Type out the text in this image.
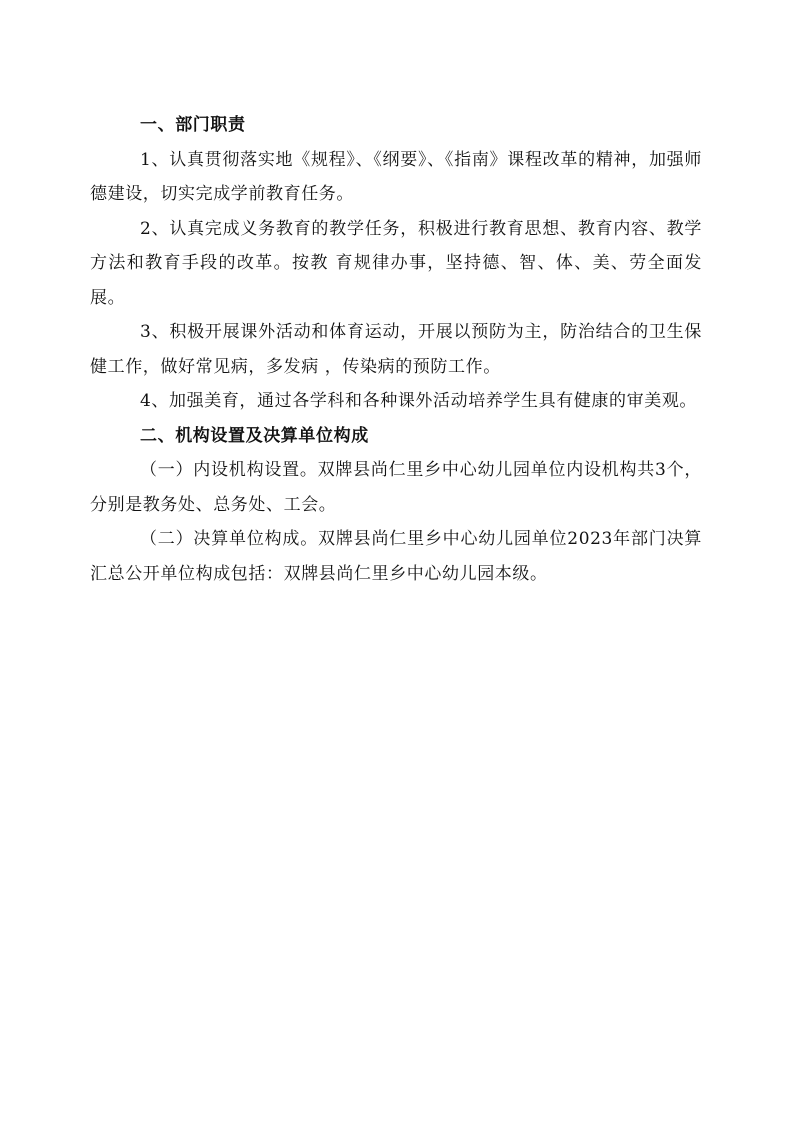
一、部门职责

1、认真贯彻落实地《规程》、《纲要》、《指南》课程改革的精神，加强师德建设，切实完成学前教育任务。

2、认真完成义务教育的教学任务，积极进行教育思想、教育内容、教学方法和教育手段的改革。按教 育规律办事，坚持德、智、体、美、劳全面发展。

3、积极开展课外活动和体育运动，开展以预防为主，防治结合的卫生保健工作，做好常见病，多发病 ，传染病的预防工作。

4、加强美育，通过各学科和各种课外活动培养学生具有健康的审美观。

二、机构设置及决算单位构成

（一）内设机构设置。双牌县尚仁里乡中心幼儿园单位内设机构共3个，分别是教务处、总务处、工会。

（二）决算单位构成。双牌县尚仁里乡中心幼儿园单位2023年部门决算汇总公开单位构成包括：双牌县尚仁里乡中心幼儿园本级。
